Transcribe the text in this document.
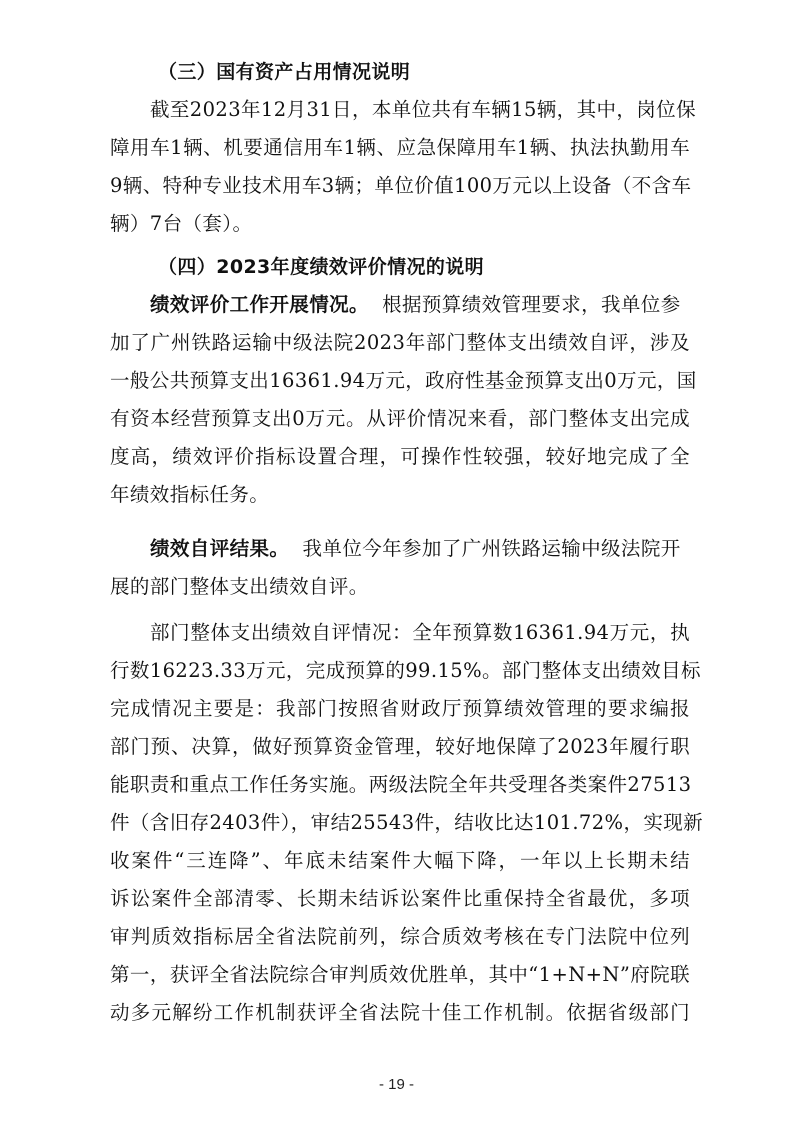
（三）国有资产占用情况说明
截至2023年12月31日，本单位共有车辆15辆，其中，岗位保
障用车1辆、机要通信用车1辆、应急保障用车1辆、执法执勤用车
9辆、特种专业技术用车3辆；单位价值100万元以上设备（不含车
辆）7台（套）。
（四）2023年度绩效评价情况的说明
绩效评价工作开展情况。 根据预算绩效管理要求，我单位参
加了广州铁路运输中级法院2023年部门整体支出绩效自评，涉及
一般公共预算支出16361.94万元，政府性基金预算支出0万元，国
有资本经营预算支出0万元。从评价情况来看，部门整体支出完成
度高，绩效评价指标设置合理，可操作性较强，较好地完成了全
年绩效指标任务。
绩效自评结果。 我单位今年参加了广州铁路运输中级法院开
展的部门整体支出绩效自评。
部门整体支出绩效自评情况：全年预算数16361.94万元，执
行数16223.33万元，完成预算的99.15%。部门整体支出绩效目标
完成情况主要是：我部门按照省财政厅预算绩效管理的要求编报
部门预、决算，做好预算资金管理，较好地保障了2023年履行职
能职责和重点工作任务实施。两级法院全年共受理各类案件27513
件（含旧存2403件），审结25543件，结收比达101.72%，实现新
收案件“三连降”、年底未结案件大幅下降，一年以上长期未结
诉讼案件全部清零、长期未结诉讼案件比重保持全省最优，多项
审判质效指标居全省法院前列，综合质效考核在专门法院中位列
第一，获评全省法院综合审判质效优胜单，其中“1+N+N”府院联
动多元解纷工作机制获评全省法院十佳工作机制。依据省级部门
- 19 -
